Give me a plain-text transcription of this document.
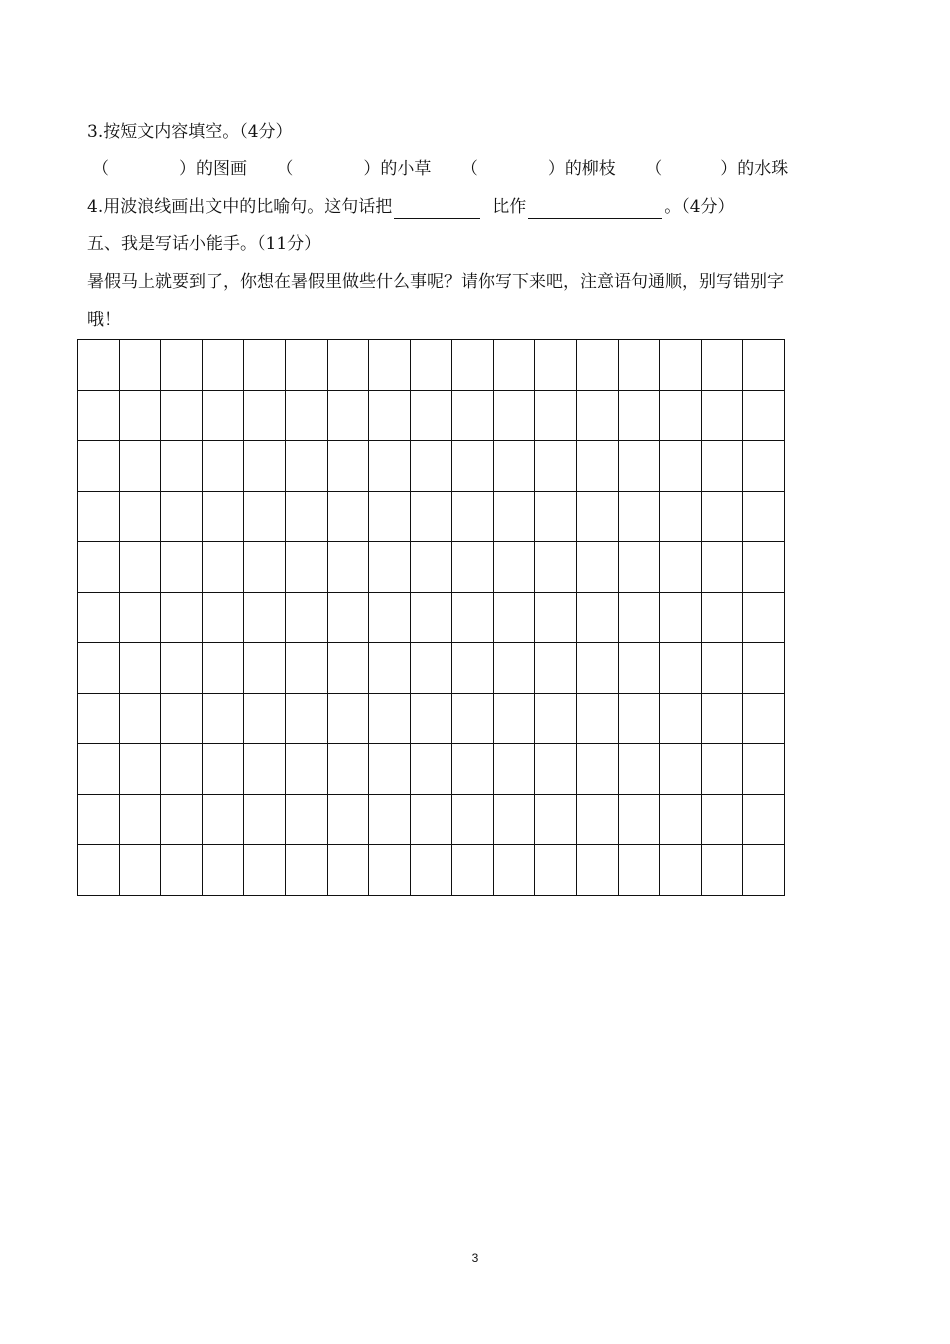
3.按短文内容填空。（4分）
（	）的图画 （	）的小草 （	）的柳枝 （	）的水珠
4.用波浪线画出文中的比喻句。这句话把	比作	。（4分）
五、我是写话小能手。（11分）
暑假马上就要到了，你想在暑假里做些什么事呢？请你写下来吧，注意语句通顺，别写错别字
哦！
3
